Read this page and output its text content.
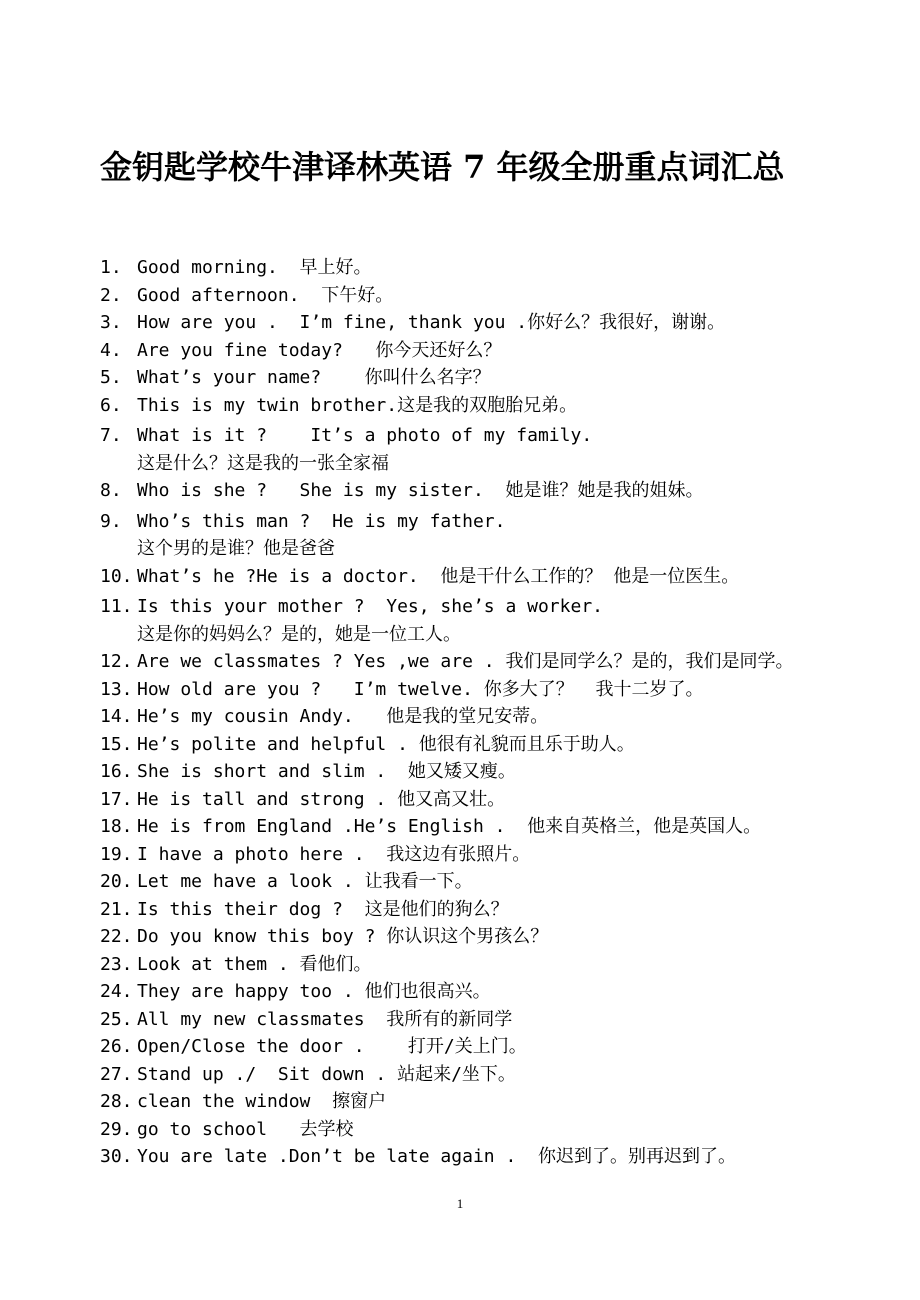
金钥匙学校牛津译林英语 7 年级全册重点词汇总
1. Good morning.  早上好。
2. Good afternoon.  下午好。
3. How are you .  I’m fine, thank you .你好么？我很好，谢谢。
4. Are you fine today?   你今天还好么？
5. What’s your name?    你叫什么名字？
6. This is my twin brother.这是我的双胞胎兄弟。
7. What is it ?    It’s a photo of my family.
这是什么？这是我的一张全家福
8. Who is she ?   She is my sister.  她是谁？她是我的姐妹。
9. Who’s this man ?  He is my father.
这个男的是谁？他是爸爸
10. What’s he ?He is a doctor.  他是干什么工作的？ 他是一位医生。
11. Is this your mother ?  Yes, she’s a worker.
这是你的妈妈么？是的，她是一位工人。
12. Are we classmates ? Yes ,we are . 我们是同学么？是的，我们是同学。
13. How old are you ?   I’m twelve. 你多大了？  我十二岁了。
14. He’s my cousin Andy.   他是我的堂兄安蒂。
15. He’s polite and helpful . 他很有礼貌而且乐于助人。
16. She is short and slim .  她又矮又瘦。
17. He is tall and strong . 他又高又壮。
18. He is from England .He’s English .  他来自英格兰，他是英国人。
19. I have a photo here .  我这边有张照片。
20. Let me have a look . 让我看一下。
21. Is this their dog ?  这是他们的狗么？
22. Do you know this boy ? 你认识这个男孩么？
23. Look at them . 看他们。
24. They are happy too . 他们也很高兴。
25. All my new classmates  我所有的新同学
26. Open/Close the door .    打开/关上门。
27. Stand up ./  Sit down . 站起来/坐下。
28. clean the window  擦窗户
29. go to school   去学校
30. You are late .Don’t be late again .  你迟到了。别再迟到了。
1
